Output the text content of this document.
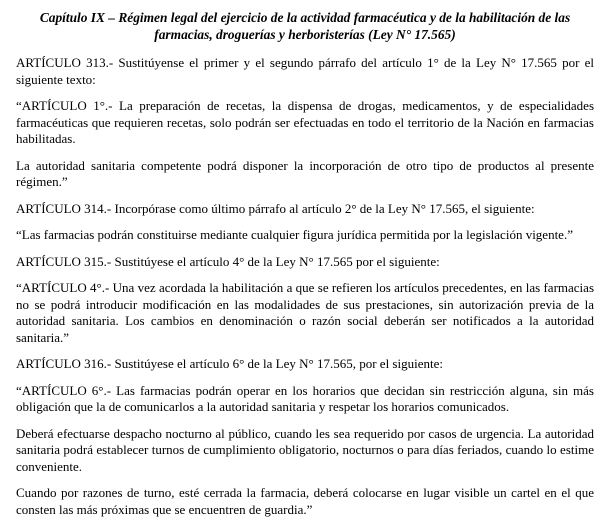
Capítulo IX – Régimen legal del ejercicio de la actividad farmacéutica y de la habilitación de las farmacias, droguerías y herboristerías (Ley N° 17.565)

ARTÍCULO 313.- Sustitúyense el primer y el segundo párrafo del artículo 1° de la Ley N° 17.565 por el siguiente texto:

“ARTÍCULO 1°.- La preparación de recetas, la dispensa de drogas, medicamentos, y de especialidades farmacéuticas que requieren recetas, solo podrán ser efectuadas en todo el territorio de la Nación en farmacias habilitadas.

La autoridad sanitaria competente podrá disponer la incorporación de otro tipo de productos al presente régimen.”

ARTÍCULO 314.- Incorpórase como último párrafo al artículo 2° de la Ley N° 17.565, el siguiente:

“Las farmacias podrán constituirse mediante cualquier figura jurídica permitida por la legislación vigente.”

ARTÍCULO 315.- Sustitúyese el artículo 4° de la Ley N° 17.565 por el siguiente:

“ARTÍCULO 4°.- Una vez acordada la habilitación a que se refieren los artículos precedentes, en las farmacias no se podrá introducir modificación en las modalidades de sus prestaciones, sin autorización previa de la autoridad sanitaria. Los cambios en denominación o razón social deberán ser notificados a la autoridad sanitaria.”

ARTÍCULO 316.- Sustitúyese el artículo 6° de la Ley N° 17.565, por el siguiente:

“ARTÍCULO 6°.- Las farmacias podrán operar en los horarios que decidan sin restricción alguna, sin más obligación que la de comunicarlos a la autoridad sanitaria y respetar los horarios comunicados.

Deberá efectuarse despacho nocturno al público, cuando les sea requerido por casos de urgencia. La autoridad sanitaria podrá establecer turnos de cumplimiento obligatorio, nocturnos o para días feriados, cuando lo estime conveniente.

Cuando por razones de turno, esté cerrada la farmacia, deberá colocarse en lugar visible un cartel en el que consten las más próximas que se encuentren de guardia.”
